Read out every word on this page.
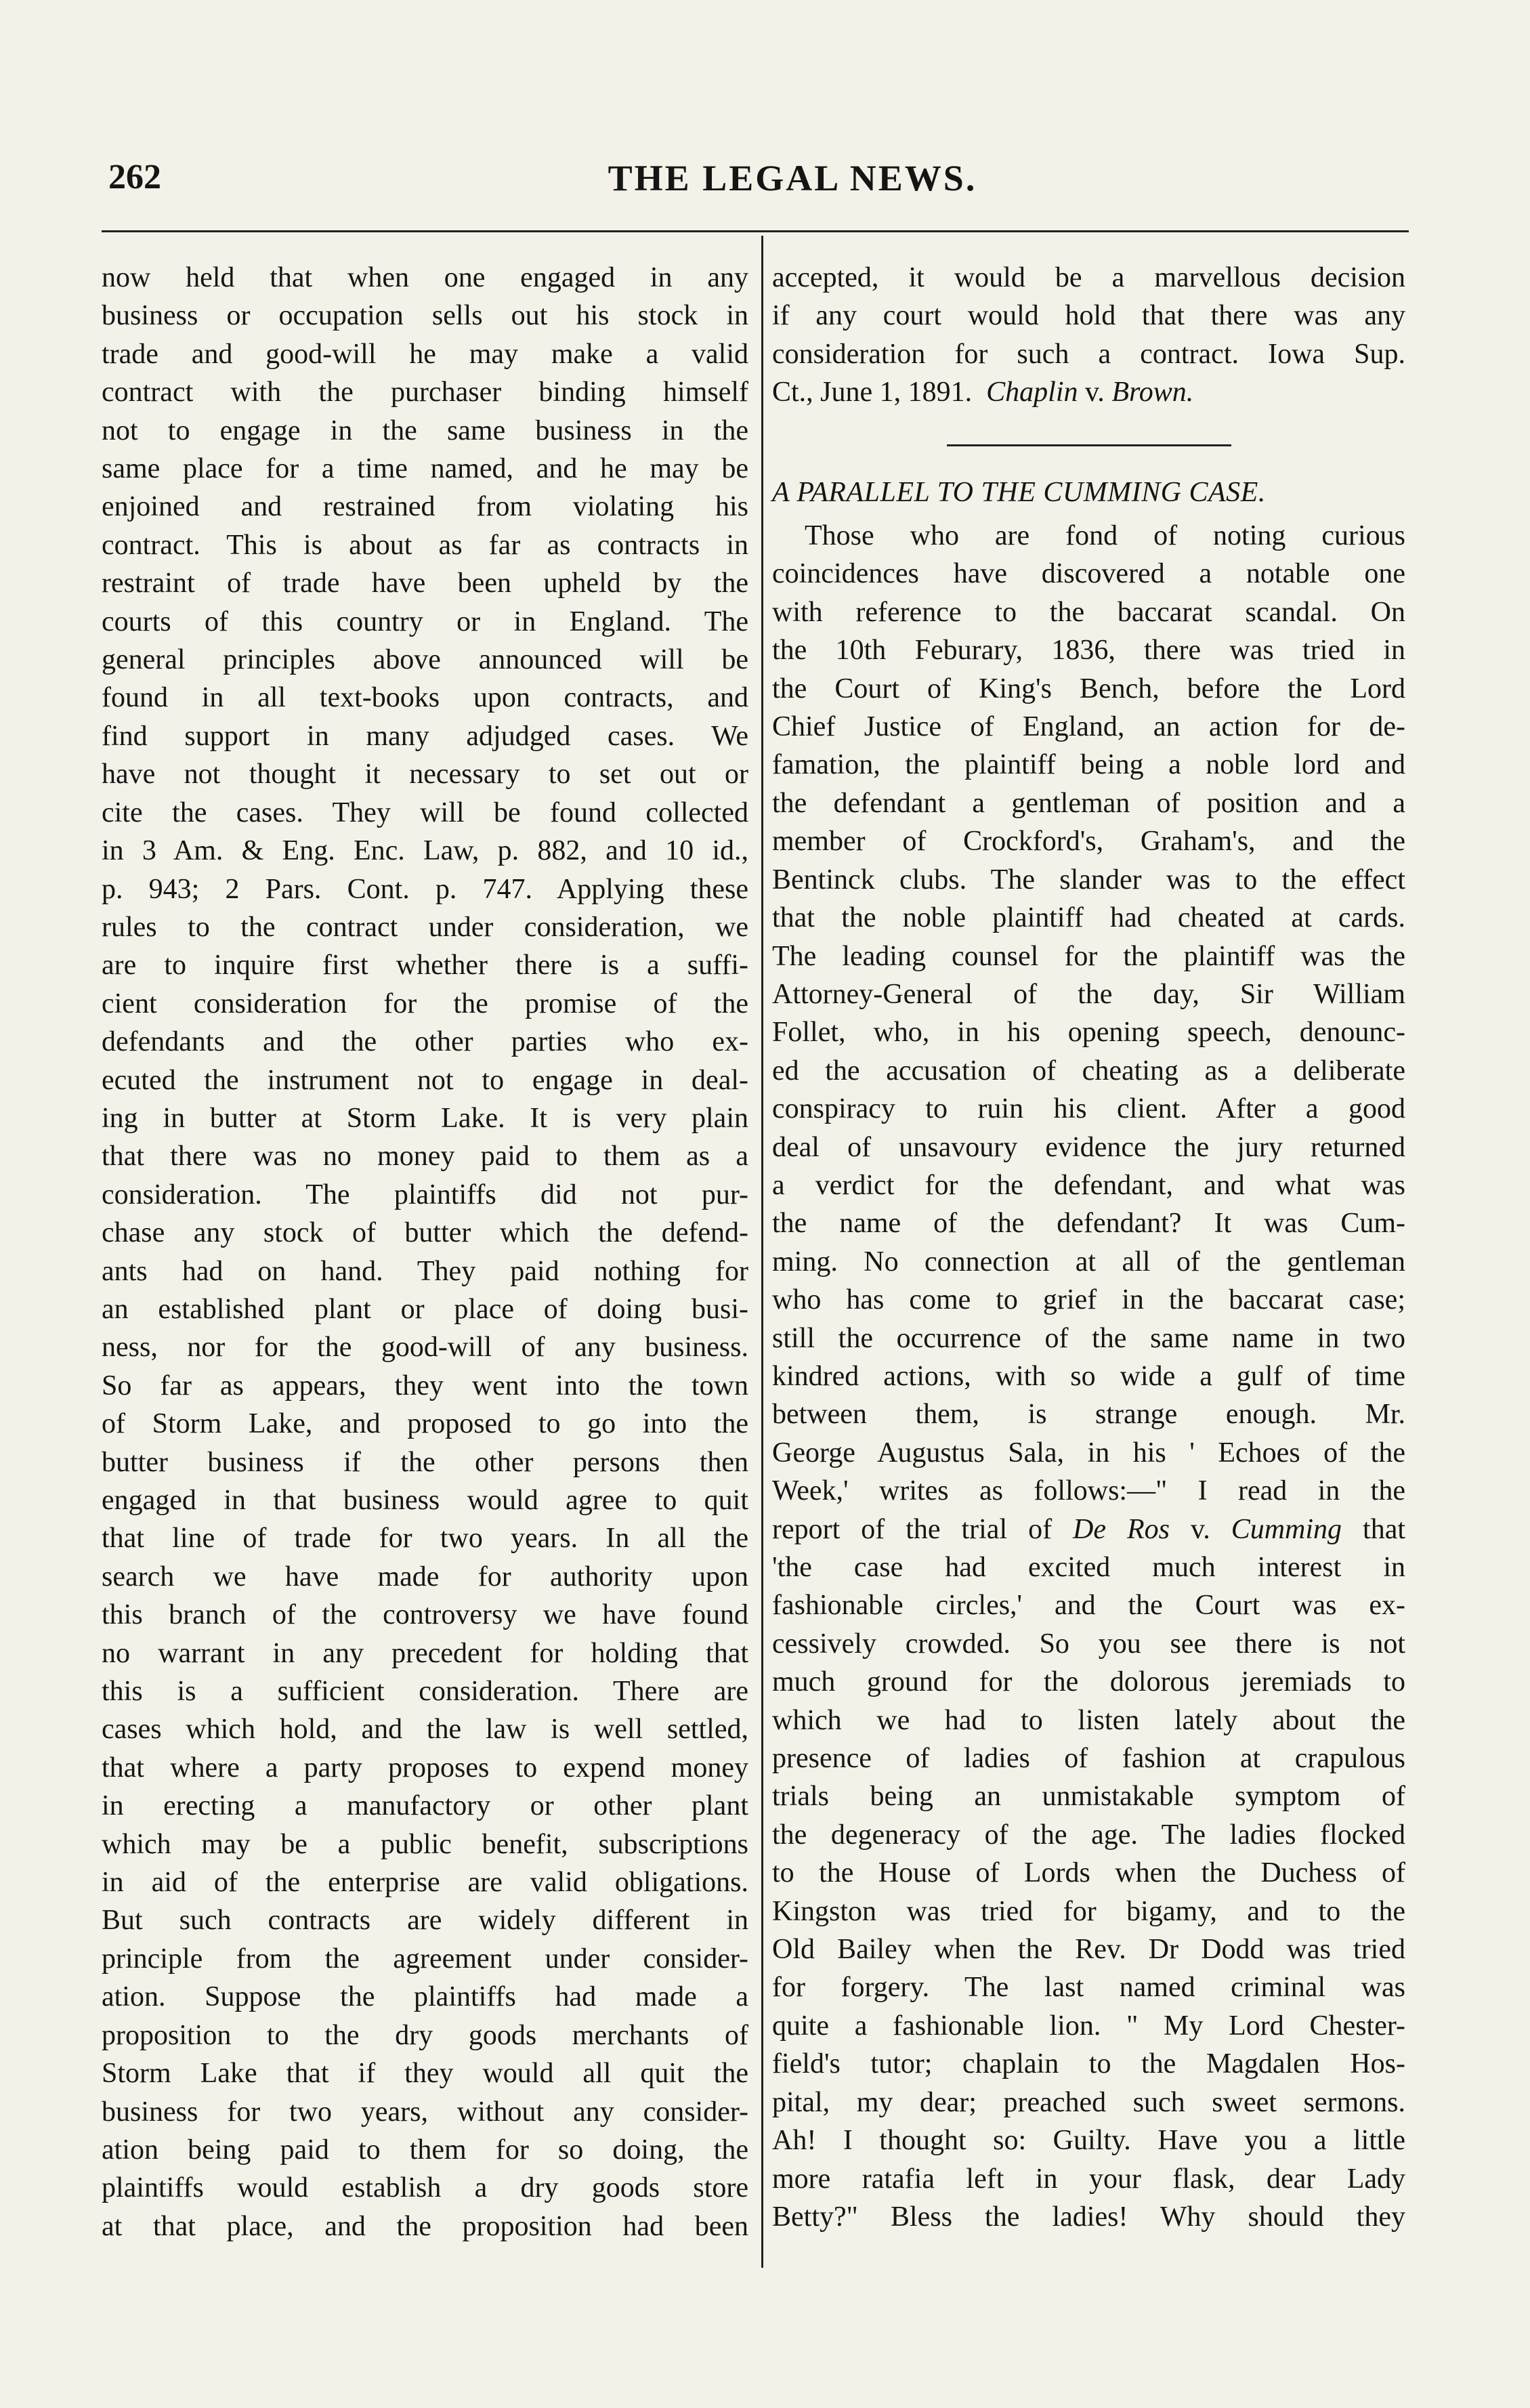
262	THE LEGAL NEWS.
now held that when one engaged in any
business or occupation sells out his stock in
trade and good-will he may make a valid
contract with the purchaser binding himself
not to engage in the same business in the
same place for a time named, and he may be
enjoined and restrained from violating his
contract. This is about as far as contracts in
restraint of trade have been upheld by the
courts of this country or in England. The
general principles above announced will be
found in all text-books upon contracts, and
find support in many adjudged cases. We
have not thought it necessary to set out or
cite the cases. They will be found collected
in 3 Am. & Eng. Enc. Law, p. 882, and 10 id.,
p. 943; 2 Pars. Cont. p. 747. Applying these
rules to the contract under consideration, we
are to inquire first whether there is a suffi-
cient consideration for the promise of the
defendants and the other parties who ex-
ecuted the instrument not to engage in deal-
ing in butter at Storm Lake. It is very plain
that there was no money paid to them as a
consideration. The plaintiffs did not pur-
chase any stock of butter which the defend-
ants had on hand. They paid nothing for
an established plant or place of doing busi-
ness, nor for the good-will of any business.
So far as appears, they went into the town
of Storm Lake, and proposed to go into the
butter business if the other persons then
engaged in that business would agree to quit
that line of trade for two years. In all the
search we have made for authority upon
this branch of the controversy we have found
no warrant in any precedent for holding that
this is a sufficient consideration. There are
cases which hold, and the law is well settled,
that where a party proposes to expend money
in erecting a manufactory or other plant
which may be a public benefit, subscriptions
in aid of the enterprise are valid obligations.
But such contracts are widely different in
principle from the agreement under consider-
ation. Suppose the plaintiffs had made a
proposition to the dry goods merchants of
Storm Lake that if they would all quit the
business for two years, without any consider-
ation being paid to them for so doing, the
plaintiffs would establish a dry goods store
at that place, and the proposition had been
accepted, it would be a marvellous decision
if any court would hold that there was any
consideration for such a contract. Iowa Sup.
Ct., June 1, 1891. Chaplin v. Brown.
A PARALLEL TO THE CUMMING CASE.
Those who are fond of noting curious
coincidences have discovered a notable one
with reference to the baccarat scandal. On
the 10th Feburary, 1836, there was tried in
the Court of King's Bench, before the Lord
Chief Justice of England, an action for de-
famation, the plaintiff being a noble lord and
the defendant a gentleman of position and a
member of Crockford's, Graham's, and the
Bentinck clubs. The slander was to the effect
that the noble plaintiff had cheated at cards.
The leading counsel for the plaintiff was the
Attorney-General of the day, Sir William
Follet, who, in his opening speech, denounc-
ed the accusation of cheating as a deliberate
conspiracy to ruin his client. After a good
deal of unsavoury evidence the jury returned
a verdict for the defendant, and what was
the name of the defendant? It was Cum-
ming. No connection at all of the gentleman
who has come to grief in the baccarat case;
still the occurrence of the same name in two
kindred actions, with so wide a gulf of time
between them, is strange enough. Mr.
George Augustus Sala, in his ' Echoes of the
Week,' writes as follows:—" I read in the
report of the trial of De Ros v. Cumming that
'the case had excited much interest in
fashionable circles,' and the Court was ex-
cessively crowded. So you see there is not
much ground for the dolorous jeremiads to
which we had to listen lately about the
presence of ladies of fashion at crapulous
trials being an unmistakable symptom of
the degeneracy of the age. The ladies flocked
to the House of Lords when the Duchess of
Kingston was tried for bigamy, and to the
Old Bailey when the Rev. Dr Dodd was tried
for forgery. The last named criminal was
quite a fashionable lion. " My Lord Chester-
field's tutor; chaplain to the Magdalen Hos-
pital, my dear; preached such sweet sermons.
Ah! I thought so: Guilty. Have you a little
more ratafia left in your flask, dear Lady
Betty?" Bless the ladies! Why should they
